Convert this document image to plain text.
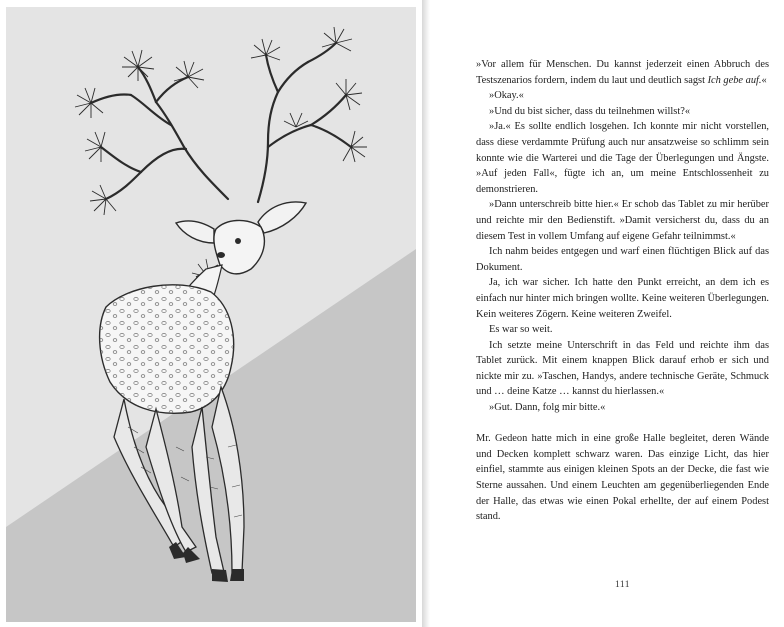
»Vor allem für Menschen. Du kannst jederzeit einen Abbruch des Testszenarios fordern, indem du laut und deutlich sagst Ich gebe auf.«

»Okay.«

»Und du bist sicher, dass du teilnehmen willst?«

»Ja.« Es sollte endlich losgehen. Ich konnte mir nicht vorstellen, dass diese verdammte Prüfung auch nur ansatzweise so schlimm sein konnte wie die Warterei und die Tage der Überlegungen und Ängste. »Auf jeden Fall«, fügte ich an, um meine Entschlossenheit zu demonstrieren.

»Dann unterschreib bitte hier.« Er schob das Tablet zu mir herüber und reichte mir den Bedienstift. »Damit versicherst du, dass du an diesem Test in vollem Umfang auf eigene Gefahr teilnimmst.«

Ich nahm beides entgegen und warf einen flüchtigen Blick auf das Dokument.

Ja, ich war sicher. Ich hatte den Punkt erreicht, an dem ich es einfach nur hinter mich bringen wollte. Keine weiteren Überlegungen. Kein weiteres Zögern. Keine weiteren Zweifel.

Es war so weit.

Ich setzte meine Unterschrift in das Feld und reichte ihm das Tablet zurück. Mit einem knappen Blick darauf erhob er sich und nickte mir zu. »Taschen, Handys, andere technische Geräte, Schmuck und … deine Katze … kannst du hierlassen.«

»Gut. Dann, folg mir bitte.«

Mr. Gedeon hatte mich in eine große Halle begleitet, deren Wände und Decken komplett schwarz waren. Das einzige Licht, das hier einfiel, stammte aus einigen kleinen Spots an der Decke, die fast wie Sterne aussahen. Und einem Leuchten am gegenüberliegenden Ende der Halle, das etwas wie einen Pokal erhellte, der auf einem Podest stand.

111
